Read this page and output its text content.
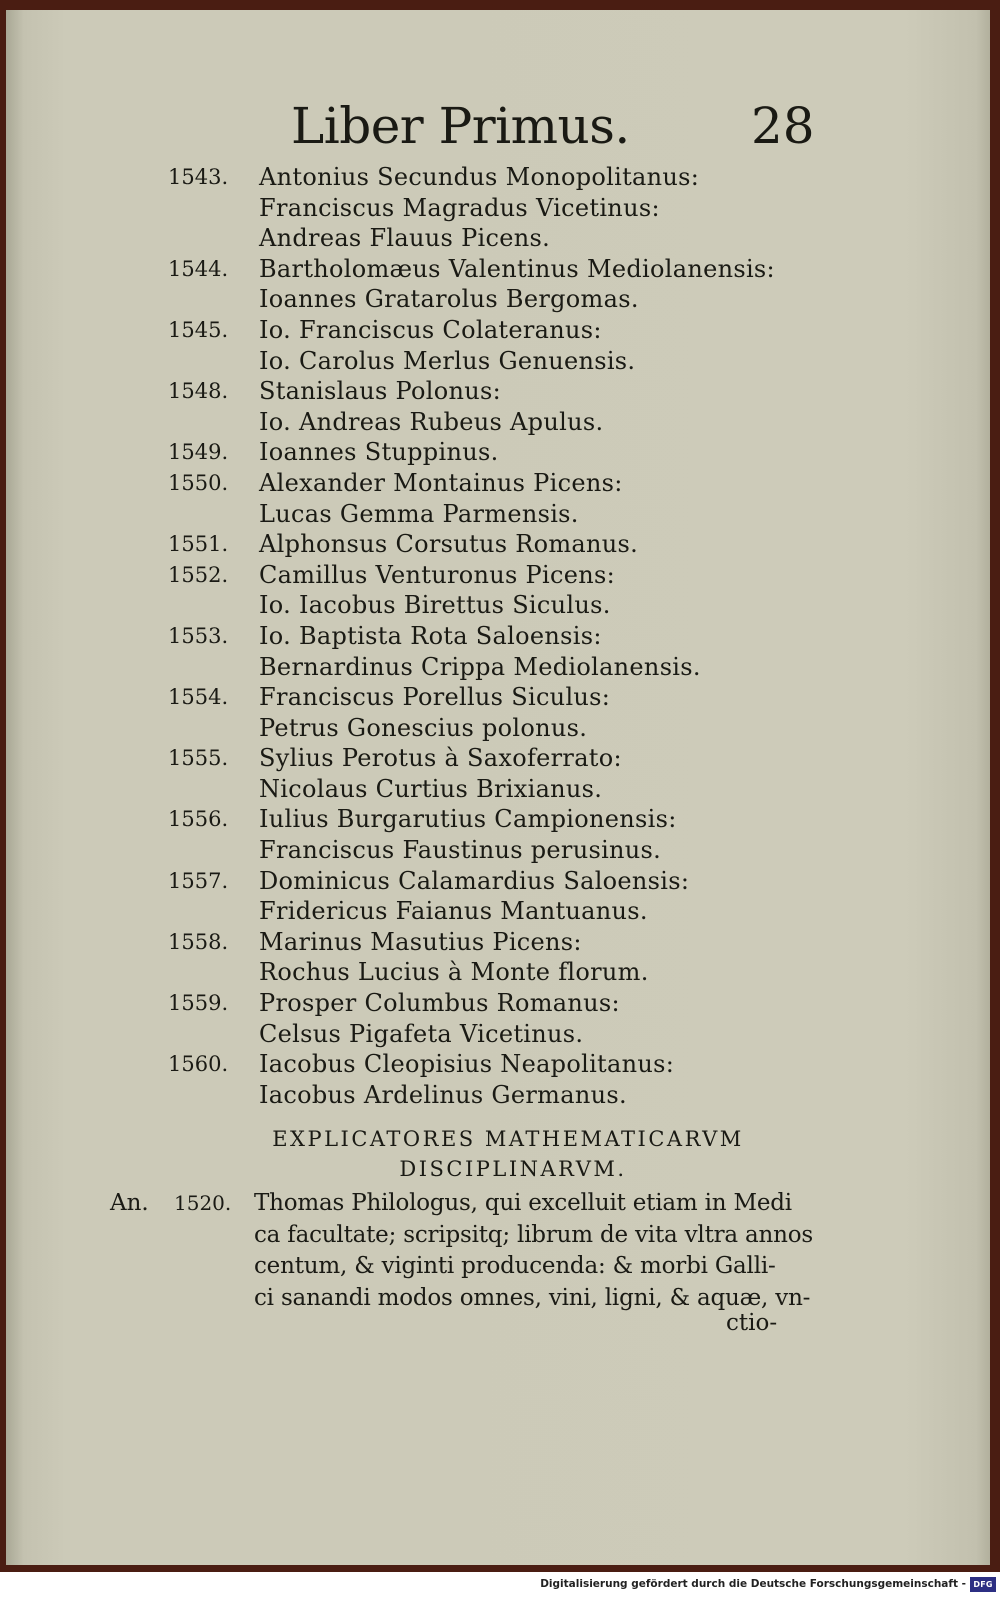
Liber Primus. 28
1543. Antonius Secundus Monopolitanus:
Franciscus Magradus Vicetinus:
Andreas Flauus Picens.
1544. Bartholomæus Valentinus Mediolanensis:
Ioannes Gratarolus Bergomas.
1545. Io. Franciscus Colateranus:
Io. Carolus Merlus Genuensis.
1548. Stanislaus Polonus:
Io. Andreas Rubeus Apulus.
1549. Ioannes Stuppinus.
1550. Alexander Montainus Picens:
Lucas Gemma Parmensis.
1551. Alphonsus Corsutus Romanus.
1552. Camillus Venturonus Picens:
Io. Iacobus Birettus Siculus.
1553. Io. Baptista Rota Saloensis:
Bernardinus Crippa Mediolanensis.
1554. Franciscus Porellus Siculus:
Petrus Gonescius polonus.
1555. Sylius Perotus à Saxoferrato:
Nicolaus Curtius Brixianus.
1556. Iulius Burgarutius Campionensis:
Franciscus Faustinus perusinus.
1557. Dominicus Calamardius Saloensis:
Fridericus Faianus Mantuanus.
1558. Marinus Masutius Picens:
Rochus Lucius à Monte florum.
1559. Prosper Columbus Romanus:
Celsus Pigafeta Vicetinus.
1560. Iacobus Cleopisius Neapolitanus:
Iacobus Ardelinus Germanus.
EXPLICATORES MATHEMATICARVM
DISCIPLINARVM.
An. 1520. Thomas Philologus, qui excelluit etiam in Medi
ca facultate; scripsitq; librum de vita vltra annos
centum, & viginti producenda: & morbi Galli-
ci sanandi modos omnes, vini, ligni, & aquæ, vn-
ctio-
Digitalisierung gefördert durch die Deutsche Forschungsgemeinschaft - DFG
